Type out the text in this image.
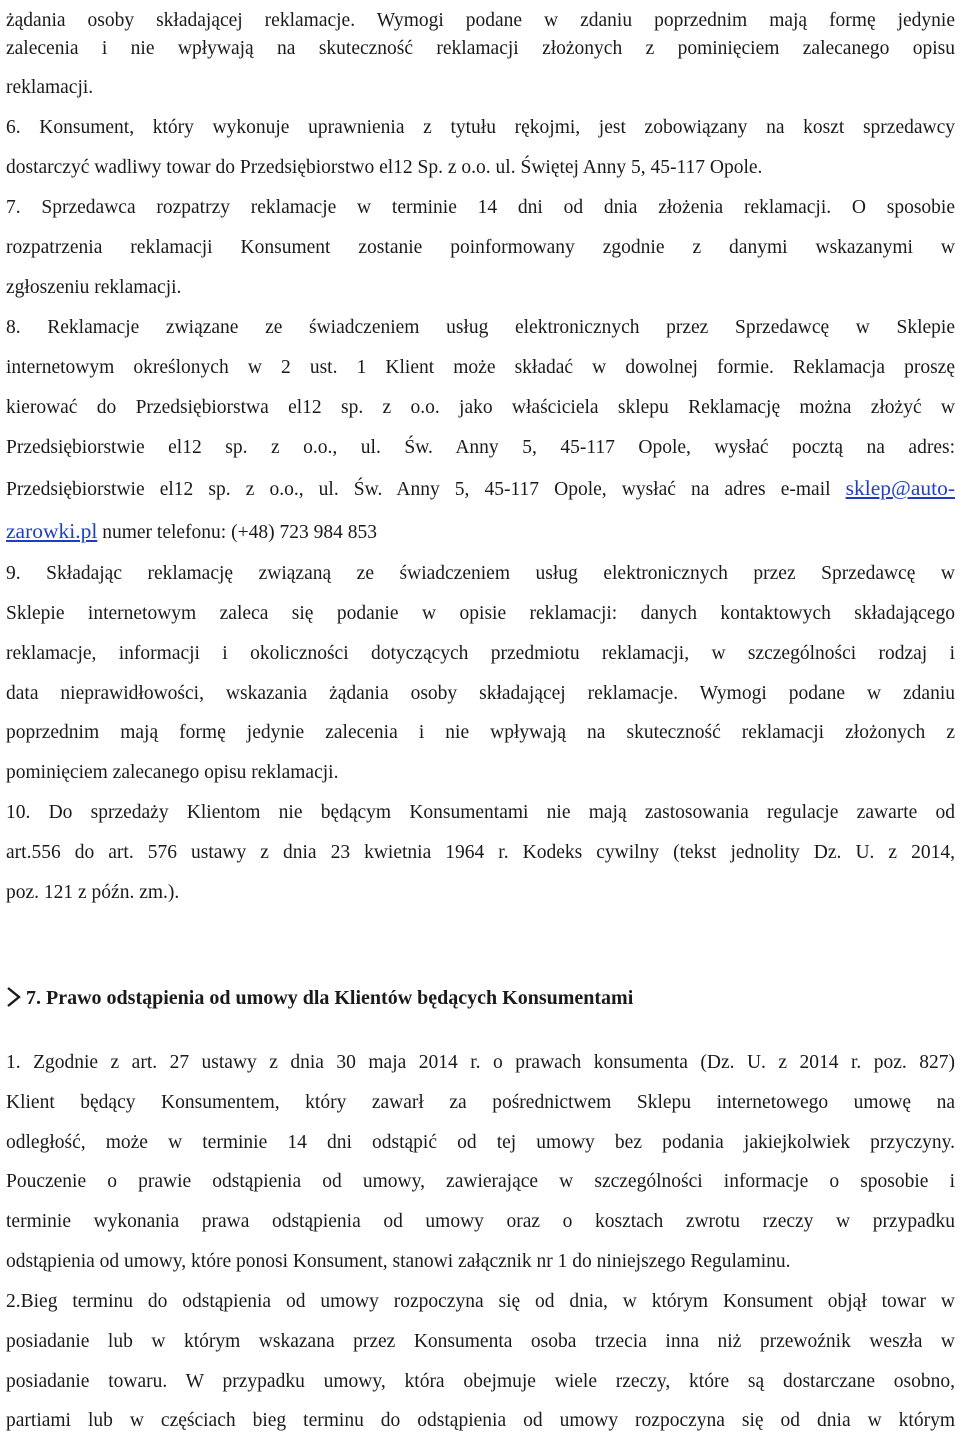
żądania osoby składającej reklamacje. Wymogi podane w zdaniu poprzednim mają formę jedynie
zalecenia i nie wpływają na skuteczność reklamacji złożonych z pominięciem zalecanego opisu
reklamacji.
6. Konsument, który wykonuje uprawnienia z tytułu rękojmi, jest zobowiązany na koszt sprzedawcy
dostarczyć wadliwy towar do Przedsiębiorstwo el12 Sp. z o.o. ul. Świętej Anny 5, 45-117 Opole.
7. Sprzedawca rozpatrzy reklamacje w terminie 14 dni od dnia złożenia reklamacji. O sposobie
rozpatrzenia reklamacji Konsument zostanie poinformowany zgodnie z danymi wskazanymi w
zgłoszeniu reklamacji.
8. Reklamacje związane ze świadczeniem usług elektronicznych przez Sprzedawcę w Sklepie
internetowym określonych w 2 ust. 1 Klient może składać w dowolnej formie. Reklamacja proszę
kierować do Przedsiębiorstwa el12 sp. z o.o. jako właściciela sklepu Reklamację można złożyć w
Przedsiębiorstwie el12 sp. z o.o., ul. Św. Anny 5, 45-117 Opole, wysłać pocztą na adres:
Przedsiębiorstwie el12 sp. z o.o., ul. Św. Anny 5, 45-117 Opole, wysłać na adres e-mail sklep@auto-
zarowki.pl numer telefonu: (+48) 723 984 853
9. Składając reklamację związaną ze świadczeniem usług elektronicznych przez Sprzedawcę w
Sklepie internetowym zaleca się podanie w opisie reklamacji: danych kontaktowych składającego
reklamacje, informacji i okoliczności dotyczących przedmiotu reklamacji, w szczególności rodzaj i
data nieprawidłowości, wskazania żądania osoby składającej reklamacje. Wymogi podane w zdaniu
poprzednim mają formę jedynie zalecenia i nie wpływają na skuteczność reklamacji złożonych z
pominięciem zalecanego opisu reklamacji.
10. Do sprzedaży Klientom nie będącym Konsumentami nie mają zastosowania regulacje zawarte od
art.556 do art. 576 ustawy z dnia 23 kwietnia 1964 r. Kodeks cywilny (tekst jednolity Dz. U. z 2014,
poz. 121 z późn. zm.).
7. Prawo odstąpienia od umowy dla Klientów będących Konsumentami
1. Zgodnie z art. 27 ustawy z dnia 30 maja 2014 r. o prawach konsumenta (Dz. U. z 2014 r. poz. 827)
Klient będący Konsumentem, który zawarł za pośrednictwem Sklepu internetowego umowę na
odległość, może w terminie 14 dni odstąpić od tej umowy bez podania jakiejkolwiek przyczyny.
Pouczenie o prawie odstąpienia od umowy, zawierające w szczególności informacje o sposobie i
terminie wykonania prawa odstąpienia od umowy oraz o kosztach zwrotu rzeczy w przypadku
odstąpienia od umowy, które ponosi Konsument, stanowi załącznik nr 1 do niniejszego Regulaminu.
2.Bieg terminu do odstąpienia od umowy rozpoczyna się od dnia, w którym Konsument objął towar w
posiadanie lub w którym wskazana przez Konsumenta osoba trzecia inna niż przewoźnik weszła w
posiadanie towaru. W przypadku umowy, która obejmuje wiele rzeczy, które są dostarczane osobno,
partiami lub w częściach bieg terminu do odstąpienia od umowy rozpoczyna się od dnia w którym
